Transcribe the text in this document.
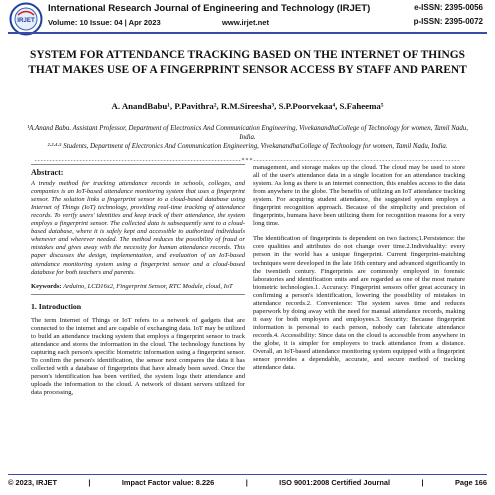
IRJET
International Research Journal of Engineering and Technology (IRJET)
Volume: 10 Issue: 04 | Apr 2023	www.irjet.net
e-ISSN: 2395-0056
p-ISSN: 2395-0072
SYSTEM FOR ATTENDANCE TRACKING BASED ON THE INTERNET OF THINGS THAT MAKES USE OF A FINGERPRINT SENSOR ACCESS BY STAFF AND PARENT
A. AnandBabu¹, P.Pavithra², R.M.Sireesha³, S.P.Poorvekaa⁴, S.Faheema⁵
¹A.Anand Babu. Assistant Professor, Department of Electronics And Communication Engineering, VivekanandhaCollege of Technology for women, Tamil Nadu, India.
²·³·⁴·⁵ Students, Department of Electronics And Communication Engineering, VivekanandhaCollege of Technology for women, Tamil Nadu, India.
---------------------------------------------------------------------***---------------------------------------------------------------------
Abstract:
A trendy method for tracking attendance records in schools, colleges, and companies is an IoT-based attendance monitoring system that uses a fingerprint sensor. The solution links a fingerprint sensor to a cloud-based database using Internet of Things (IoT) technology, providing real-time tracking of attendance records. To verify users' identities and keep track of their attendance, the system employs a fingerprint sensor. The collected data is subsequently sent to a cloud-based database, where it is safely kept and accessible to authorized individuals whenever and wherever needed. The method reduces the possibility of fraud or mistakes and gives away with the necessity for human attendance records. This paper discusses the design, implementation, and evaluation of an IoT-based attendance monitoring system using a fingerprint sensor and a cloud-based database for both teachers and parents.
Keywords: Arduino, LCD16x2, Fingerprint Sensor, RTC Module, cloud, IoT
1. Introduction
The term Internet of Things or IoT refers to a network of gadgets that are connected to the internet and are capable of exchanging data. IoT may be utilized to build an attendance tracking system that employs a fingerprint sensor to track attendance and stores the information in the cloud. The technology functions by capturing each person's specific biometric information using a fingerprint sensor. To confirm the person's identification, the sensor next compares the data it has collected with a database of fingerprints that have already been saved. Once the person's identification has been verified, the system logs their attendance and uploads the information to the cloud. A network of distant servers utilized for data processing,
management, and storage makes up the cloud. The cloud may be used to store all of the user's attendance data in a single location for an attendance tracking system. As long as there is an internet connection, this enables access to the data from anywhere in the globe. The benefits of utilizing an IoT attendance tracking system. For acquiring student attendance, the suggested system employs a fingerprint recognition approach. Because of the simplicity and precision of fingerprints, humans have been utilizing them for recognition reasons for a very long time.
The identification of fingerprints is dependent on two factors;1.Persistence: the core qualities and attributes do not change over time.2.Individuality: every person in the world has a unique fingerprint. Current fingerprint-matching techniques were developed in the late 16th century and advanced significantly in the twentieth century. Fingerprints are commonly employed in forensic laboratories and identification units and are regarded as one of the most mature biometric technologies.1. Accuracy: Fingerprint sensors offer great accuracy in confirming a person's identification, lowering the possibility of mistakes in attendance records.2. Convenience: The system saves time and reduces paperwork by doing away with the need for manual attendance records, making it easy for both employers and employees.3. Security: Because fingerprint information is personal to each person, nobody can fabricate attendance records.4. Accessibility: Since data on the cloud is accessible from anywhere in the globe, it is simpler for employers to track attendance from a distance. Overall, an IoT-based attendance monitoring system equipped with a fingerprint sensor provides a dependable, accurate, and secure method of tracking attendance data.
© 2023, IRJET	|	Impact Factor value: 8.226	|	ISO 9001:2008 Certified Journal	|	Page 166
